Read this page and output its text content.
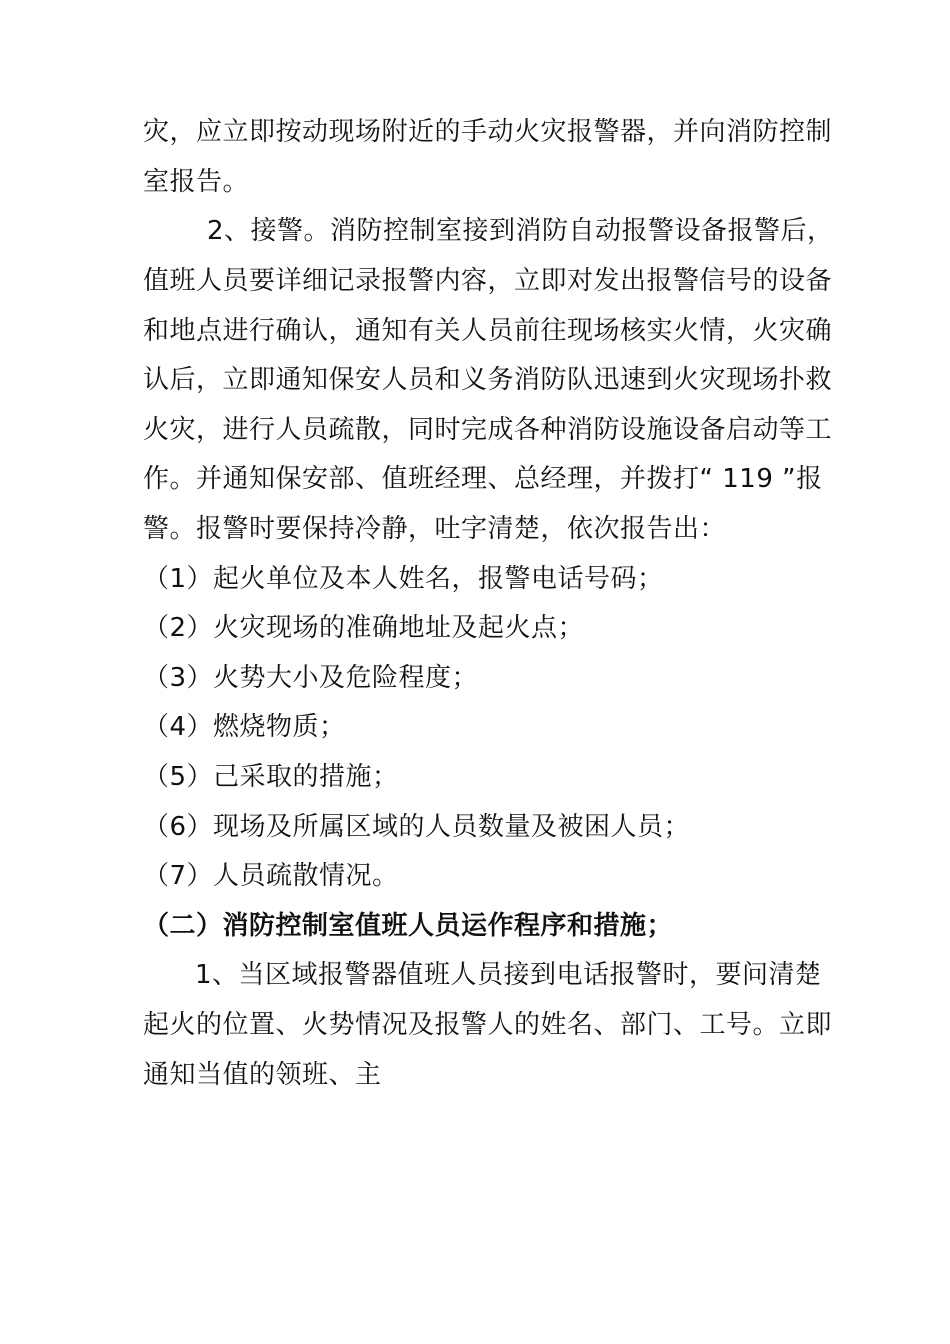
灾，应立即按动现场附近的手动火灾报警器，并向消防控制
室报告。
2、接警。消防控制室接到消防自动报警设备报警后，
值班人员要详细记录报警内容，立即对发出报警信号的设备
和地点进行确认，通知有关人员前往现场核实火情，火灾确
认后，立即通知保安人员和义务消防队迅速到火灾现场扑救
火灾，进行人员疏散，同时完成各种消防设施设备启动等工
作。并通知保安部、值班经理、总经理，并拨打“ 119 ”报
警。报警时要保持冷静，吐字清楚，依次报告出：
（1）起火单位及本人姓名，报警电话号码；
（2）火灾现场的准确地址及起火点；
（3）火势大小及危险程度；
（4）燃烧物质；
（5）己采取的措施；
（6）现场及所属区域的人员数量及被困人员；
（7）人员疏散情况。
（二）消防控制室值班人员运作程序和措施；
1、当区域报警器值班人员接到电话报警时，要问清楚
起火的位置、火势情况及报警人的姓名、部门、工号。立即
通知当值的领班、主
